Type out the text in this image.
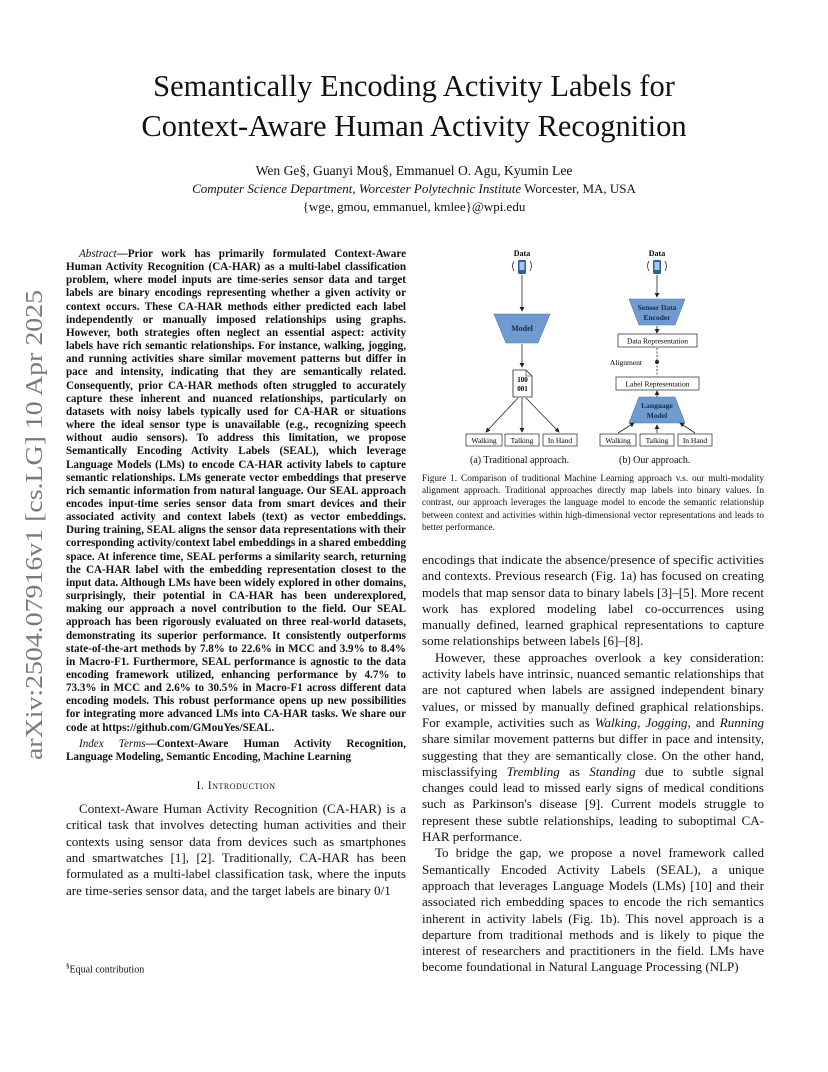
arXiv:2504.07916v1 [cs.LG] 10 Apr 2025
Semantically Encoding Activity Labels for
Context-Aware Human Activity Recognition
Wen Ge§, Guanyi Mou§, Emmanuel O. Agu, Kyumin Lee
Computer Science Department, Worcester Polytechnic Institute Worcester, MA, USA
{wge, gmou, emmanuel, kmlee}@wpi.edu

Abstract—Prior work has primarily formulated Context-Aware Human Activity Recognition (CA-HAR) as a multi-label classification problem, where model inputs are time-series sensor data and target labels are binary encodings representing whether a given activity or context occurs. These CA-HAR methods either predicted each label independently or manually imposed relationships using graphs. However, both strategies often neglect an essential aspect: activity labels have rich semantic relationships. For instance, walking, jogging, and running activities share similar movement patterns but differ in pace and intensity, indicating that they are semantically related. Consequently, prior CA-HAR methods often struggled to accurately capture these inherent and nuanced relationships, particularly on datasets with noisy labels typically used for CA-HAR or situations where the ideal sensor type is unavailable (e.g., recognizing speech without audio sensors). To address this limitation, we propose Semantically Encoding Activity Labels (SEAL), which leverage Language Models (LMs) to encode CA-HAR activity labels to capture semantic relationships. LMs generate vector embeddings that preserve rich semantic information from natural language. Our SEAL approach encodes input-time series sensor data from smart devices and their associated activity and context labels (text) as vector embeddings. During training, SEAL aligns the sensor data representations with their corresponding activity/context label embeddings in a shared embedding space. At inference time, SEAL performs a similarity search, returning the CA-HAR label with the embedding representation closest to the input data. Although LMs have been widely explored in other domains, surprisingly, their potential in CA-HAR has been underexplored, making our approach a novel contribution to the field. Our SEAL approach has been rigorously evaluated on three real-world datasets, demonstrating its superior performance. It consistently outperforms state-of-the-art methods by 7.8% to 22.6% in MCC and 3.9% to 8.4% in Macro-F1. Furthermore, SEAL performance is agnostic to the data encoding framework utilized, enhancing performance by 4.7% to 73.3% in MCC and 2.6% to 30.5% in Macro-F1 across different data encoding models. This robust performance opens up new possibilities for integrating more advanced LMs into CA-HAR tasks. We share our code at https://github.com/GMouYes/SEAL.

Index Terms—Context-Aware Human Activity Recognition, Language Modeling, Semantic Encoding, Machine Learning

I. Introduction

Context-Aware Human Activity Recognition (CA-HAR) is a critical task that involves detecting human activities and their contexts using sensor data from devices such as smartphones and smartwatches [1], [2]. Traditionally, CA-HAR has been formulated as a multi-label classification task, where the inputs are time-series sensor data, and the target labels are binary 0/1

§Equal contribution
Data
Model
100
001
Walking Talking In Hand
Data
Sensor Data
Encoder
Data Representation
Alignment
Label Representation
Language
Model
Walking Talking In Hand
(a) Traditional approach.	(b) Our approach.
Figure 1. Comparison of traditional Machine Learning approach v.s. our multi-modality alignment approach. Traditional approaches directly map labels into binary values. In contrast, our approach leverages the language model to encode the semantic relationship between context and activities within high-dimensional vector representations and leads to better performance.

encodings that indicate the absence/presence of specific activities and contexts. Previous research (Fig. 1a) has focused on creating models that map sensor data to binary labels [3]–[5]. More recent work has explored modeling label co-occurrences using manually defined, learned graphical representations to capture some relationships between labels [6]–[8].

However, these approaches overlook a key consideration: activity labels have intrinsic, nuanced semantic relationships that are not captured when labels are assigned independent binary values, or missed by manually defined graphical relationships. For example, activities such as Walking, Jogging, and Running share similar movement patterns but differ in pace and intensity, suggesting that they are semantically close. On the other hand, misclassifying Trembling as Standing due to subtle signal changes could lead to missed early signs of medical conditions such as Parkinson's disease [9]. Current models struggle to represent these subtle relationships, leading to suboptimal CA-HAR performance.

To bridge the gap, we propose a novel framework called Semantically Encoded Activity Labels (SEAL), a unique approach that leverages Language Models (LMs) [10] and their associated rich embedding spaces to encode the rich semantics inherent in activity labels (Fig. 1b). This novel approach is a departure from traditional methods and is likely to pique the interest of researchers and practitioners in the field. LMs have become foundational in Natural Language Processing (NLP)
